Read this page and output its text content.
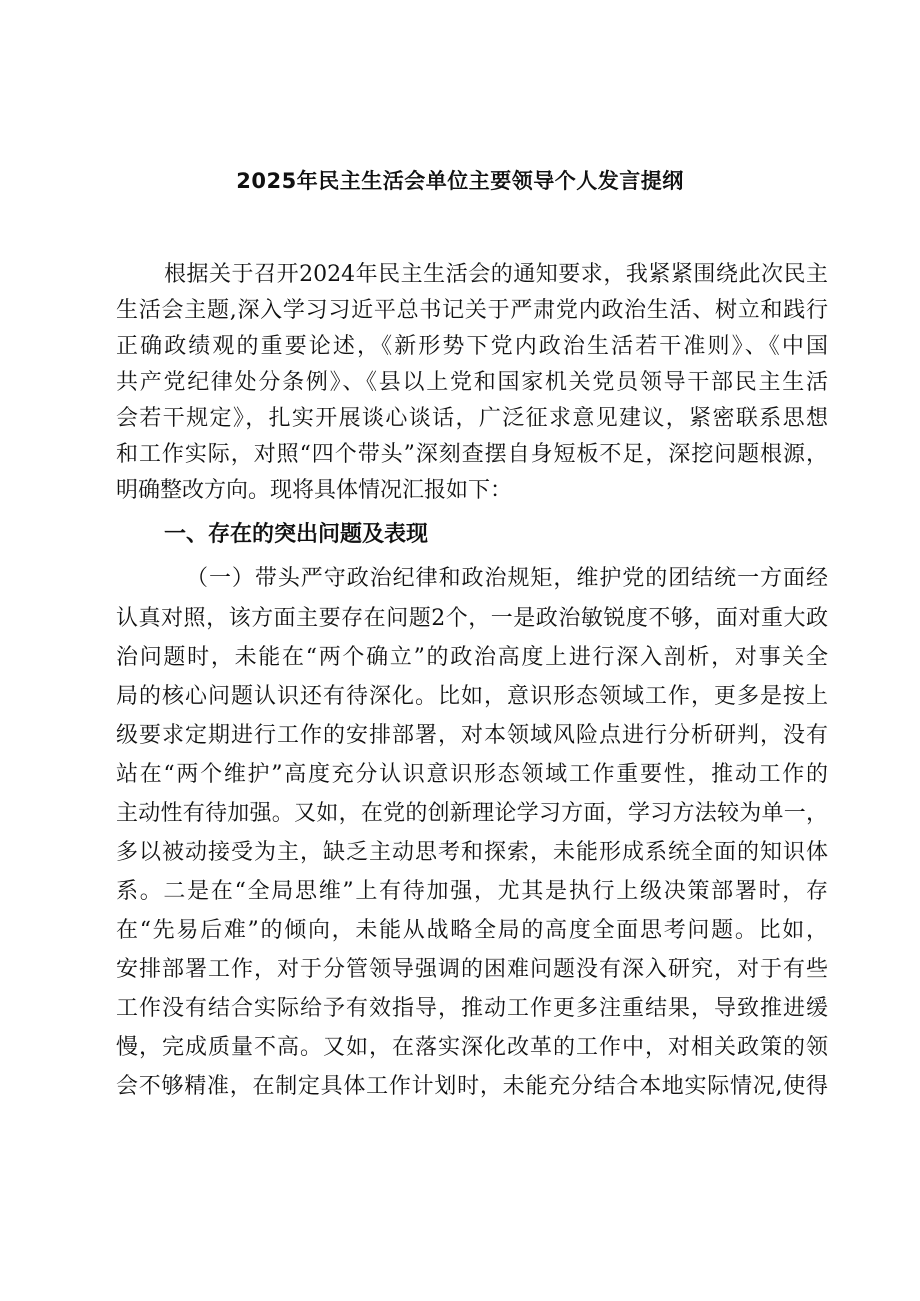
2025年民主生活会单位主要领导个人发言提纲
根据关于召开2024年民主生活会的通知要求，我紧紧围绕此次民主
生活会主题,深入学习习近平总书记关于严肃党内政治生活、树立和践行
正确政绩观的重要论述，《新形势下党内政治生活若干准则》、《中国
共产党纪律处分条例》、《县以上党和国家机关党员领导干部民主生活
会若干规定》，扎实开展谈心谈话，广泛征求意见建议，紧密联系思想
和工作实际，对照“四个带头”深刻查摆自身短板不足，深挖问题根源，
明确整改方向。现将具体情况汇报如下：
一、存在的突出问题及表现
（一）带头严守政治纪律和政治规矩，维护党的团结统一方面经
认真对照，该方面主要存在问题2个，一是政治敏锐度不够，面对重大政
治问题时，未能在“两个确立”的政治高度上进行深入剖析，对事关全
局的核心问题认识还有待深化。比如，意识形态领域工作，更多是按上
级要求定期进行工作的安排部署，对本领域风险点进行分析研判，没有
站在“两个维护”高度充分认识意识形态领域工作重要性，推动工作的
主动性有待加强。又如，在党的创新理论学习方面，学习方法较为单一，
多以被动接受为主，缺乏主动思考和探索，未能形成系统全面的知识体
系。二是在“全局思维”上有待加强，尤其是执行上级决策部署时，存
在“先易后难”的倾向，未能从战略全局的高度全面思考问题。比如，
安排部署工作，对于分管领导强调的困难问题没有深入研究，对于有些
工作没有结合实际给予有效指导，推动工作更多注重结果，导致推进缓
慢，完成质量不高。又如，在落实深化改革的工作中，对相关政策的领
会不够精准，在制定具体工作计划时，未能充分结合本地实际情况,使得
